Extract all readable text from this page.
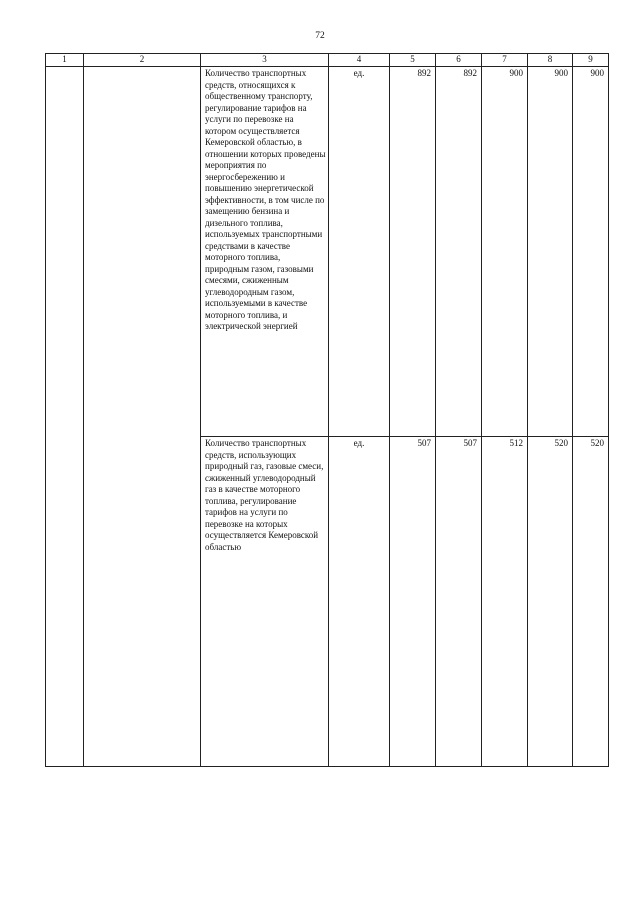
72
1	2	3	4	5	6	7	8	9
		Количество транспортных средств, относящихся к общественному транспорту, регулирование тарифов на услуги по перевозке на котором осуществляется Кемеровской областью, в отношении которых проведены мероприятия по энергосбережению и повышению энергетической эффективности, в том числе по замещению бензина и дизельного топлива, используемых транспортными средствами в качестве моторного топлива, природным газом, газовыми смесями, сжиженным углеводородным газом, используемыми в качестве моторного топлива, и электрической энергией	ед.	892	892	900	900	900
		Количество транспортных средств, использующих природный газ, газовые смеси, сжиженный углеводородный газ в качестве моторного топлива, регулирование тарифов на услуги по перевозке на которых осуществляется Кемеровской областью	ед.	507	507	512	520	520
